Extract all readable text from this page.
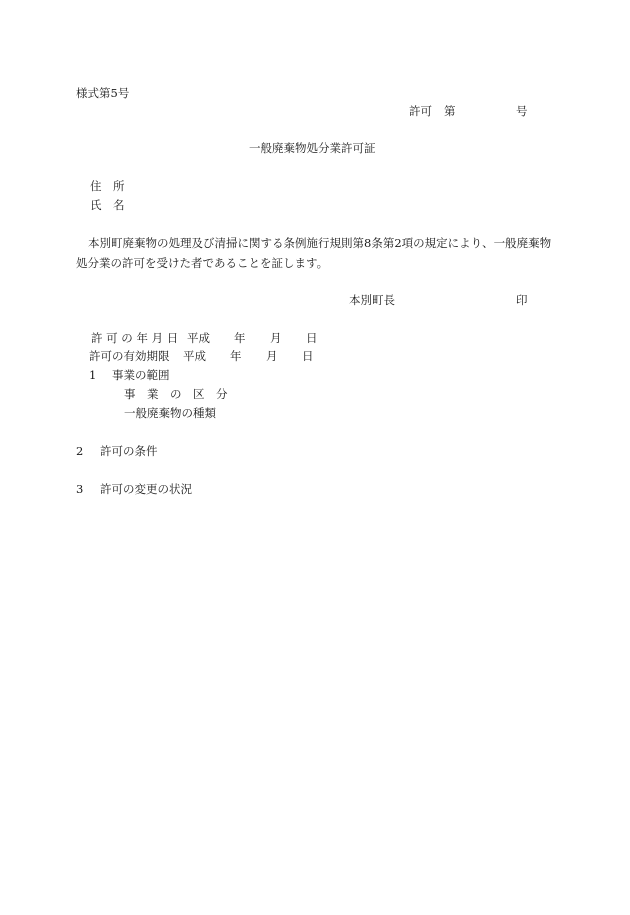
様式第5号
許可 第	号
一般廃棄物処分業許可証
住　所
氏　名
本別町廃棄物の処理及び清掃に関する条例施行規則第8条第2項の規定により、一般廃棄物処分業の許可を受けた者であることを証します。
本別町長	印
許 可 の 年 月 日 平成 年 月 日
許可の有効期限 平成 年 月 日
1 事業の範囲
事　業　の　区　分
一般廃棄物の種類
2 許可の条件
3 許可の変更の状況
